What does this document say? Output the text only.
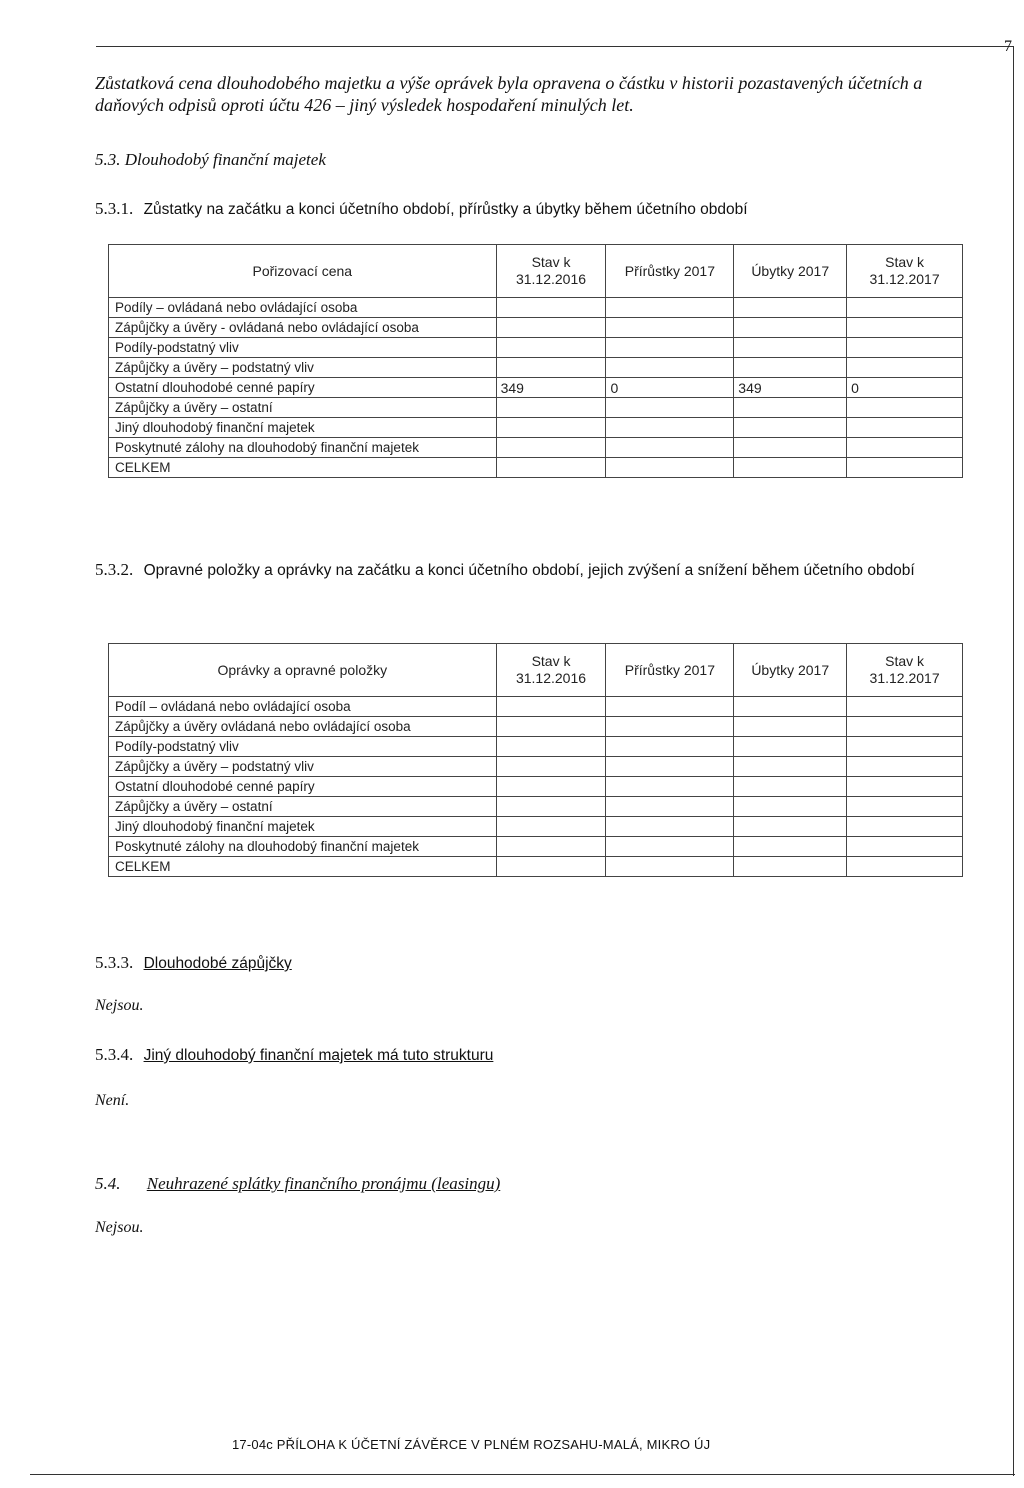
7
Zůstatková cena dlouhodobého majetku a výše oprávek byla opravena o částku v historii pozastavených účetních a daňových odpisů oproti účtu 426 – jiný výsledek hospodaření minulých let.
5.3. Dlouhodobý finanční majetek
5.3.1. Zůstatky na začátku a konci účetního období, přírůstky a úbytky během účetního období
Pořizovací cena	Stav k 31.12.2016	Přírůstky 2017	Úbytky 2017	Stav k 31.12.2017
Podíly – ovládaná nebo ovládající osoba				
Zápůjčky a úvěry - ovládaná nebo ovládající osoba				
Podíly-podstatný vliv				
Zápůjčky a úvěry – podstatný vliv				
Ostatní dlouhodobé cenné papíry	349	0	349	0
Zápůjčky a úvěry – ostatní				
Jiný dlouhodobý finanční majetek				
Poskytnuté zálohy na dlouhodobý finanční majetek				
CELKEM				
5.3.2. Opravné položky a oprávky na začátku a konci účetního období, jejich zvýšení a snížení během účetního období
Oprávky a opravné položky	Stav k 31.12.2016	Přírůstky 2017	Úbytky 2017	Stav k 31.12.2017
Podíl – ovládaná nebo ovládající osoba				
Zápůjčky a úvěry ovládaná nebo ovládající osoba				
Podíly-podstatný vliv				
Zápůjčky a úvěry – podstatný vliv				
Ostatní dlouhodobé cenné papíry				
Zápůjčky a úvěry – ostatní				
Jiný dlouhodobý finanční majetek				
Poskytnuté zálohy na dlouhodobý finanční majetek				
CELKEM				
5.3.3. Dlouhodobé zápůjčky
Nejsou.
5.3.4. Jiný dlouhodobý finanční majetek má tuto strukturu
Není.
5.4. Neuhrazené splátky finančního pronájmu (leasingu)
Nejsou.
17-04c PŘÍLOHA K ÚČETNÍ ZÁVĚRCE V PLNÉM ROZSAHU-MALÁ, MIKRO ÚJ
